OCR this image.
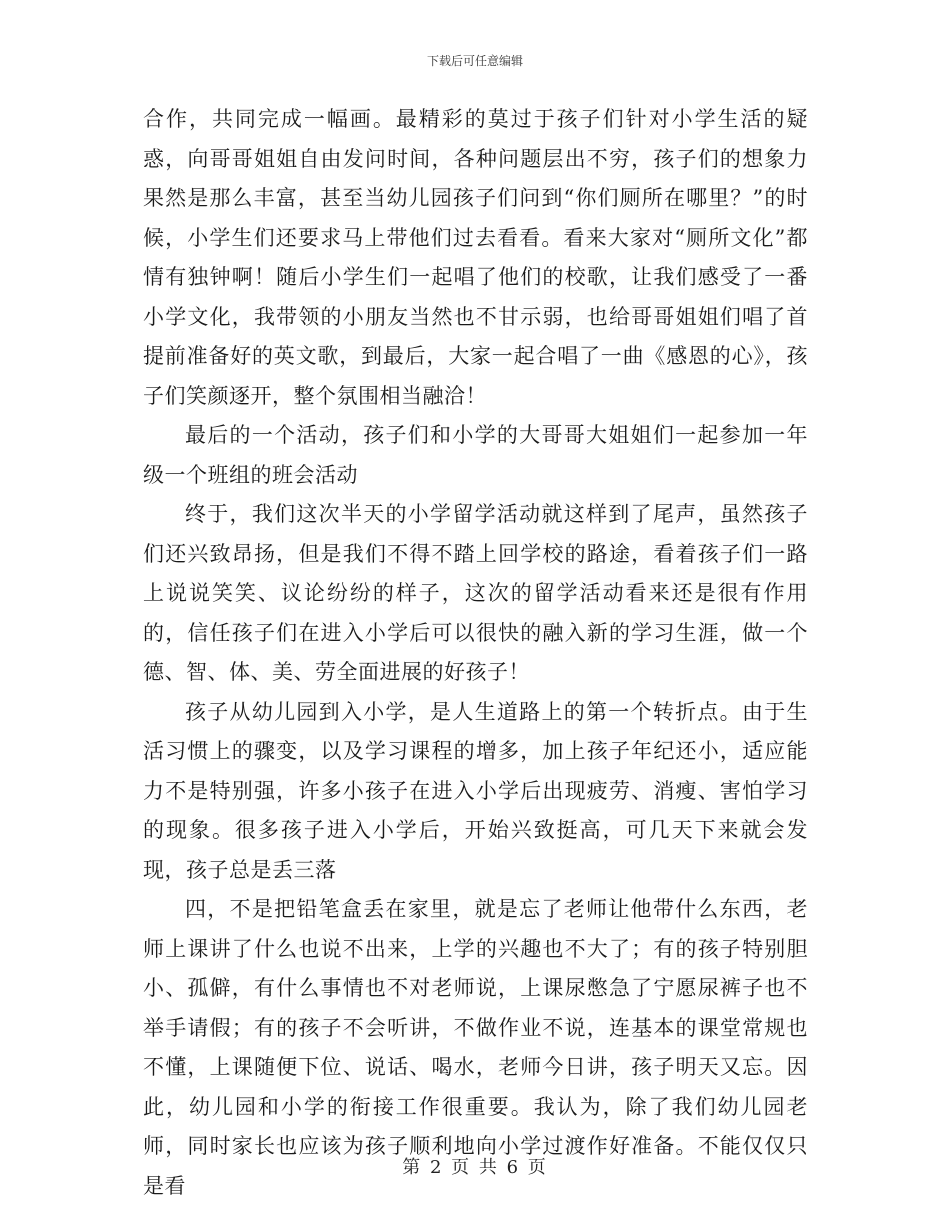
下载后可任意编辑

合作，共同完成一幅画。最精彩的莫过于孩子们针对小学生活的疑惑，向哥哥姐姐自由发问时间，各种问题层出不穷，孩子们的想象力果然是那么丰富，甚至当幼儿园孩子们问到“你们厕所在哪里？”的时候，小学生们还要求马上带他们过去看看。看来大家对“厕所文化”都情有独钟啊！随后小学生们一起唱了他们的校歌，让我们感受了一番小学文化，我带领的小朋友当然也不甘示弱，也给哥哥姐姐们唱了首提前准备好的英文歌，到最后，大家一起合唱了一曲《感恩的心》，孩子们笑颜逐开，整个氛围相当融洽！

最后的一个活动，孩子们和小学的大哥哥大姐姐们一起参加一年级一个班组的班会活动

终于，我们这次半天的小学留学活动就这样到了尾声，虽然孩子们还兴致昂扬，但是我们不得不踏上回学校的路途，看着孩子们一路上说说笑笑、议论纷纷的样子，这次的留学活动看来还是很有作用的，信任孩子们在进入小学后可以很快的融入新的学习生涯，做一个德、智、体、美、劳全面进展的好孩子！

孩子从幼儿园到入小学，是人生道路上的第一个转折点。由于生活习惯上的骤变，以及学习课程的增多，加上孩子年纪还小，适应能力不是特别强，许多小孩子在进入小学后出现疲劳、消瘦、害怕学习的现象。很多孩子进入小学后，开始兴致挺高，可几天下来就会发现，孩子总是丢三落

四，不是把铅笔盒丢在家里，就是忘了老师让他带什么东西，老师上课讲了什么也说不出来，上学的兴趣也不大了；有的孩子特别胆小、孤僻，有什么事情也不对老师说，上课尿憋急了宁愿尿裤子也不举手请假；有的孩子不会听讲，不做作业不说，连基本的课堂常规也不懂，上课随便下位、说话、喝水，老师今日讲，孩子明天又忘。因此，幼儿园和小学的衔接工作很重要。我认为，除了我们幼儿园老师，同时家长也应该为孩子顺利地向小学过渡作好准备。不能仅仅只是看

第 2 页 共 6 页
